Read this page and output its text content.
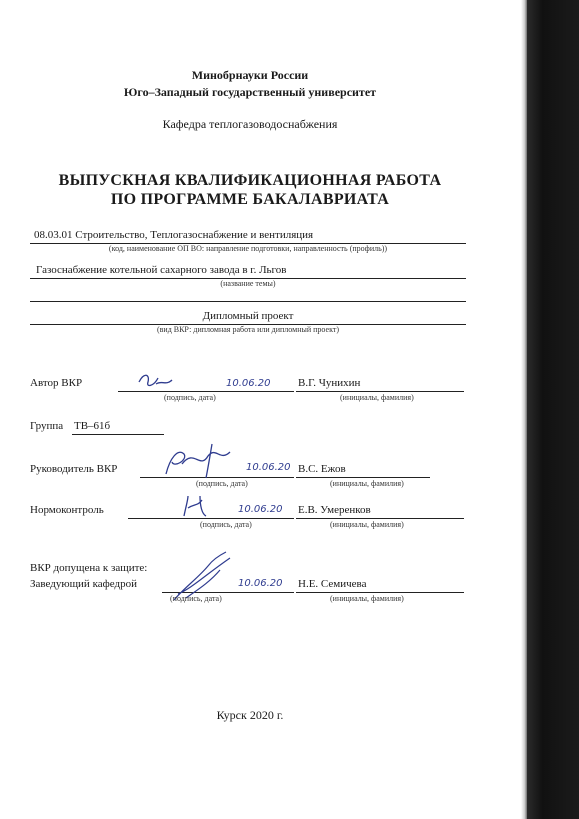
Минобрнауки России
Юго–Западный государственный университет
Кафедра теплогазоводоснабжения
ВЫПУСКНАЯ КВАЛИФИКАЦИОННАЯ РАБОТА
ПО ПРОГРАММЕ БАКАЛАВРИАТА
08.03.01 Строительство, Теплогазоснабжение и вентиляция
(код, наименование ОП ВО: направление подготовки, направленность (профиль))
Газоснабжение котельной сахарного завода в г. Льгов
(название темы)
Дипломный проект
(вид ВКР: дипломная работа или дипломный проект)
Автор ВКР	10.06.20 В.Г. Чунихин
(подпись, дата)	(инициалы, фамилия)
Группа ТВ–61б
Руководитель ВКР	10.06.20 В.С. Ежов
(подпись, дата)	(инициалы, фамилия)
Нормоконтроль	10.06.20 Е.В. Умеренков
(подпись, дата)	(инициалы, фамилия)
ВКР допущена к защите:
Заведующий кафедрой	10.06.20 Н.Е. Семичева
(подпись, дата)	(инициалы, фамилия)
Курск 2020 г.
